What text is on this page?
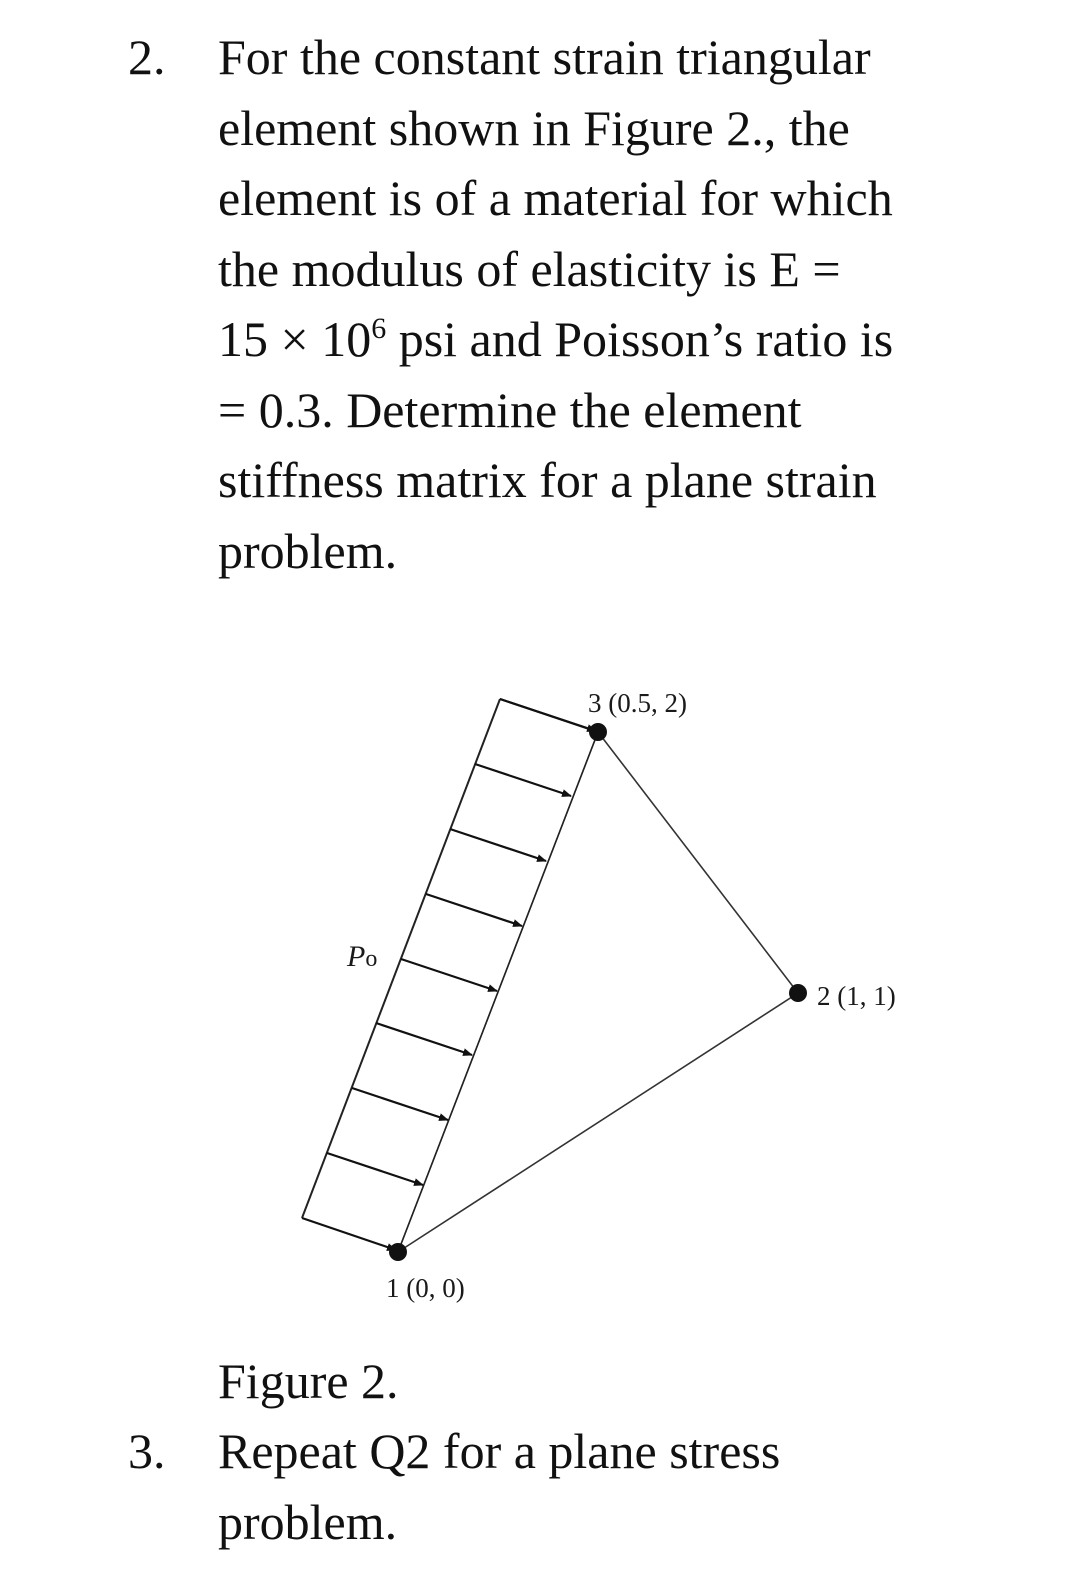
2. For the constant strain triangular
element shown in Figure 2., the
element is of a material for which
the modulus of elasticity is E =
$15 \times 10^6$ psi and Poisson’s ratio is
= 0.3. Determine the element
stiffness matrix for a plane strain
problem.
3 (0.5, 2)
2 (1, 1)
1 (0, 0)
Po
Figure 2.
3. Repeat Q2 for a plane stress
problem.
